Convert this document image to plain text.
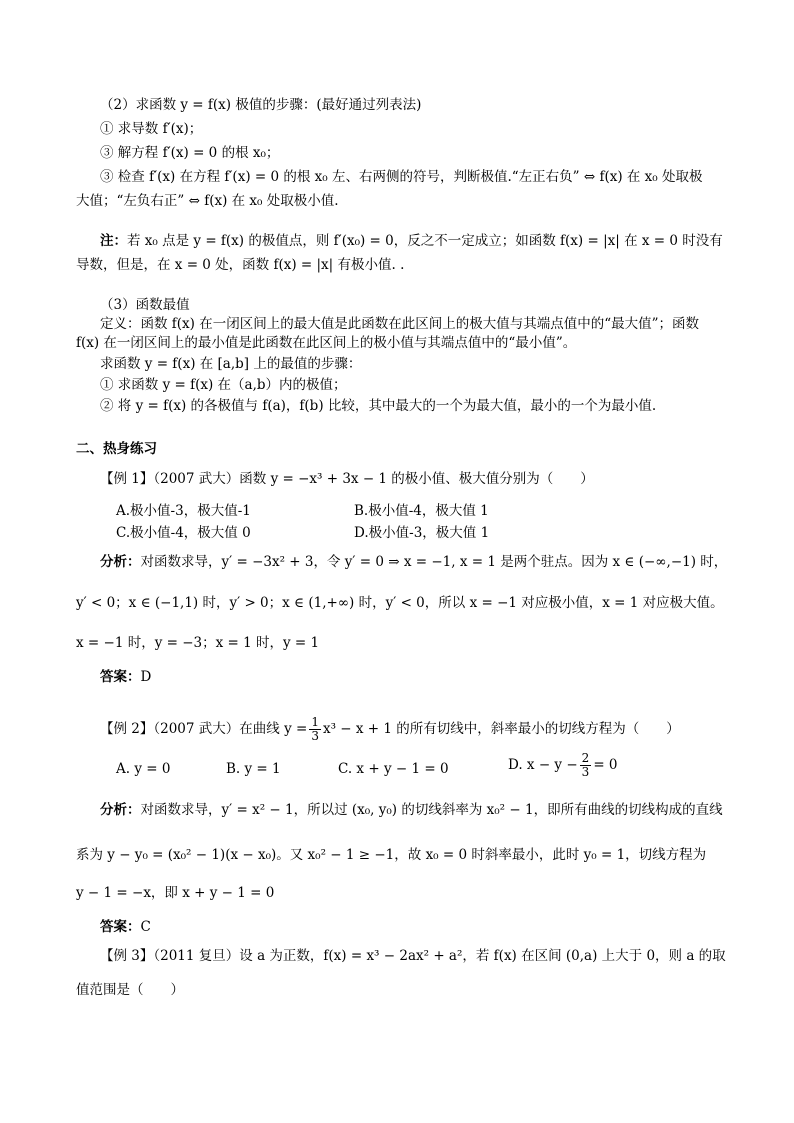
（2）求函数 y = f(x) 极值的步骤：(最好通过列表法)
① 求导数 f′(x)；
③ 解方程 f′(x) = 0 的根 x₀；
③ 检查 f′(x) 在方程 f′(x) = 0 的根 x₀ 左、右两侧的符号，判断极值.“左正右负” ⇔ f(x) 在 x₀ 处取极
大值；“左负右正” ⇔ f(x) 在 x₀ 处取极小值.
注：若 x₀ 点是 y = f(x) 的极值点，则 f′(x₀) = 0，反之不一定成立；如函数 f(x) = |x| 在 x = 0 时没有
导数，但是，在 x = 0 处，函数 f(x) = |x| 有极小值. .
（3）函数最值
定义：函数 f(x) 在一闭区间上的最大值是此函数在此区间上的极大值与其端点值中的“最大值”；函数
f(x) 在一闭区间上的最小值是此函数在此区间上的极小值与其端点值中的“最小值”。
求函数 y = f(x) 在 [a,b] 上的最值的步骤：
① 求函数 y = f(x) 在（a,b）内的极值；
② 将 y = f(x) 的各极值与 f(a)，f(b) 比较，其中最大的一个为最大值，最小的一个为最小值.
二、热身练习
【例 1】（2007 武大）函数 y = −x³ + 3x − 1 的极小值、极大值分别为（　　）
A.极小值-3，极大值-1	B.极小值-4，极大值 1
C.极小值-4，极大值 0	D.极小值-3，极大值 1
分析：对函数求导，y′ = −3x² + 3，令 y′ = 0 ⇒ x = −1, x = 1 是两个驻点。因为 x ∈ (−∞,−1) 时，
y′ < 0；x ∈ (−1,1) 时，y′ > 0；x ∈ (1,+∞) 时，y′ < 0，所以 x = −1 对应极小值，x = 1 对应极大值。
x = −1 时，y = −3；x = 1 时，y = 1
答案：D
【例 2】（2007 武大）在曲线 $y = \frac{1}{3} x^3 - x + 1$ 的所有切线中，斜率最小的切线方程为（　　）
A. y = 0	B. y = 1	C. x + y − 1 = 0	D. $x - y - \frac{2}{3} = 0$
分析：对函数求导，y′ = x² − 1，所以过 (x₀, y₀) 的切线斜率为 x₀² − 1，即所有曲线的切线构成的直线
系为 y − y₀ = (x₀² − 1)(x − x₀)。又 x₀² − 1 ≥ −1，故 x₀ = 0 时斜率最小，此时 y₀ = 1，切线方程为
y − 1 = −x，即 x + y − 1 = 0
答案：C
【例 3】（2011 复旦）设 a 为正数，f(x) = x³ − 2ax² + a²，若 f(x) 在区间 (0,a) 上大于 0，则 a 的取
值范围是（　　）
